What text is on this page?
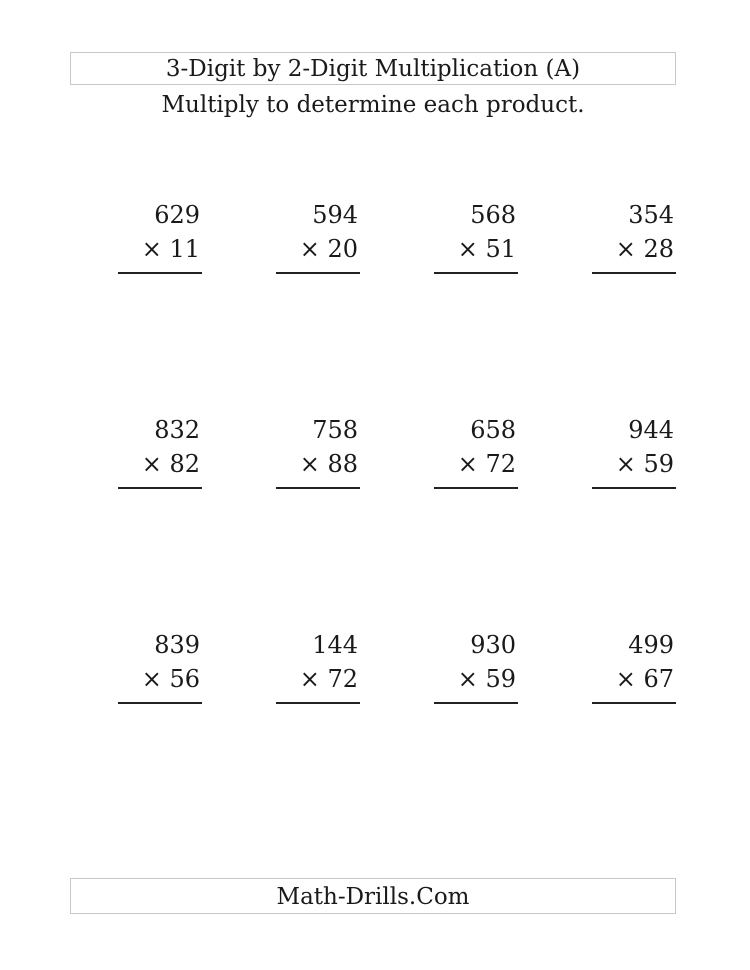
3-Digit by 2-Digit Multiplication (A)
Multiply to determine each product.
629
× 11
594
× 20
568
× 51
354
× 28
832
× 82
758
× 88
658
× 72
944
× 59
839
× 56
144
× 72
930
× 59
499
× 67
Math-Drills.Com
